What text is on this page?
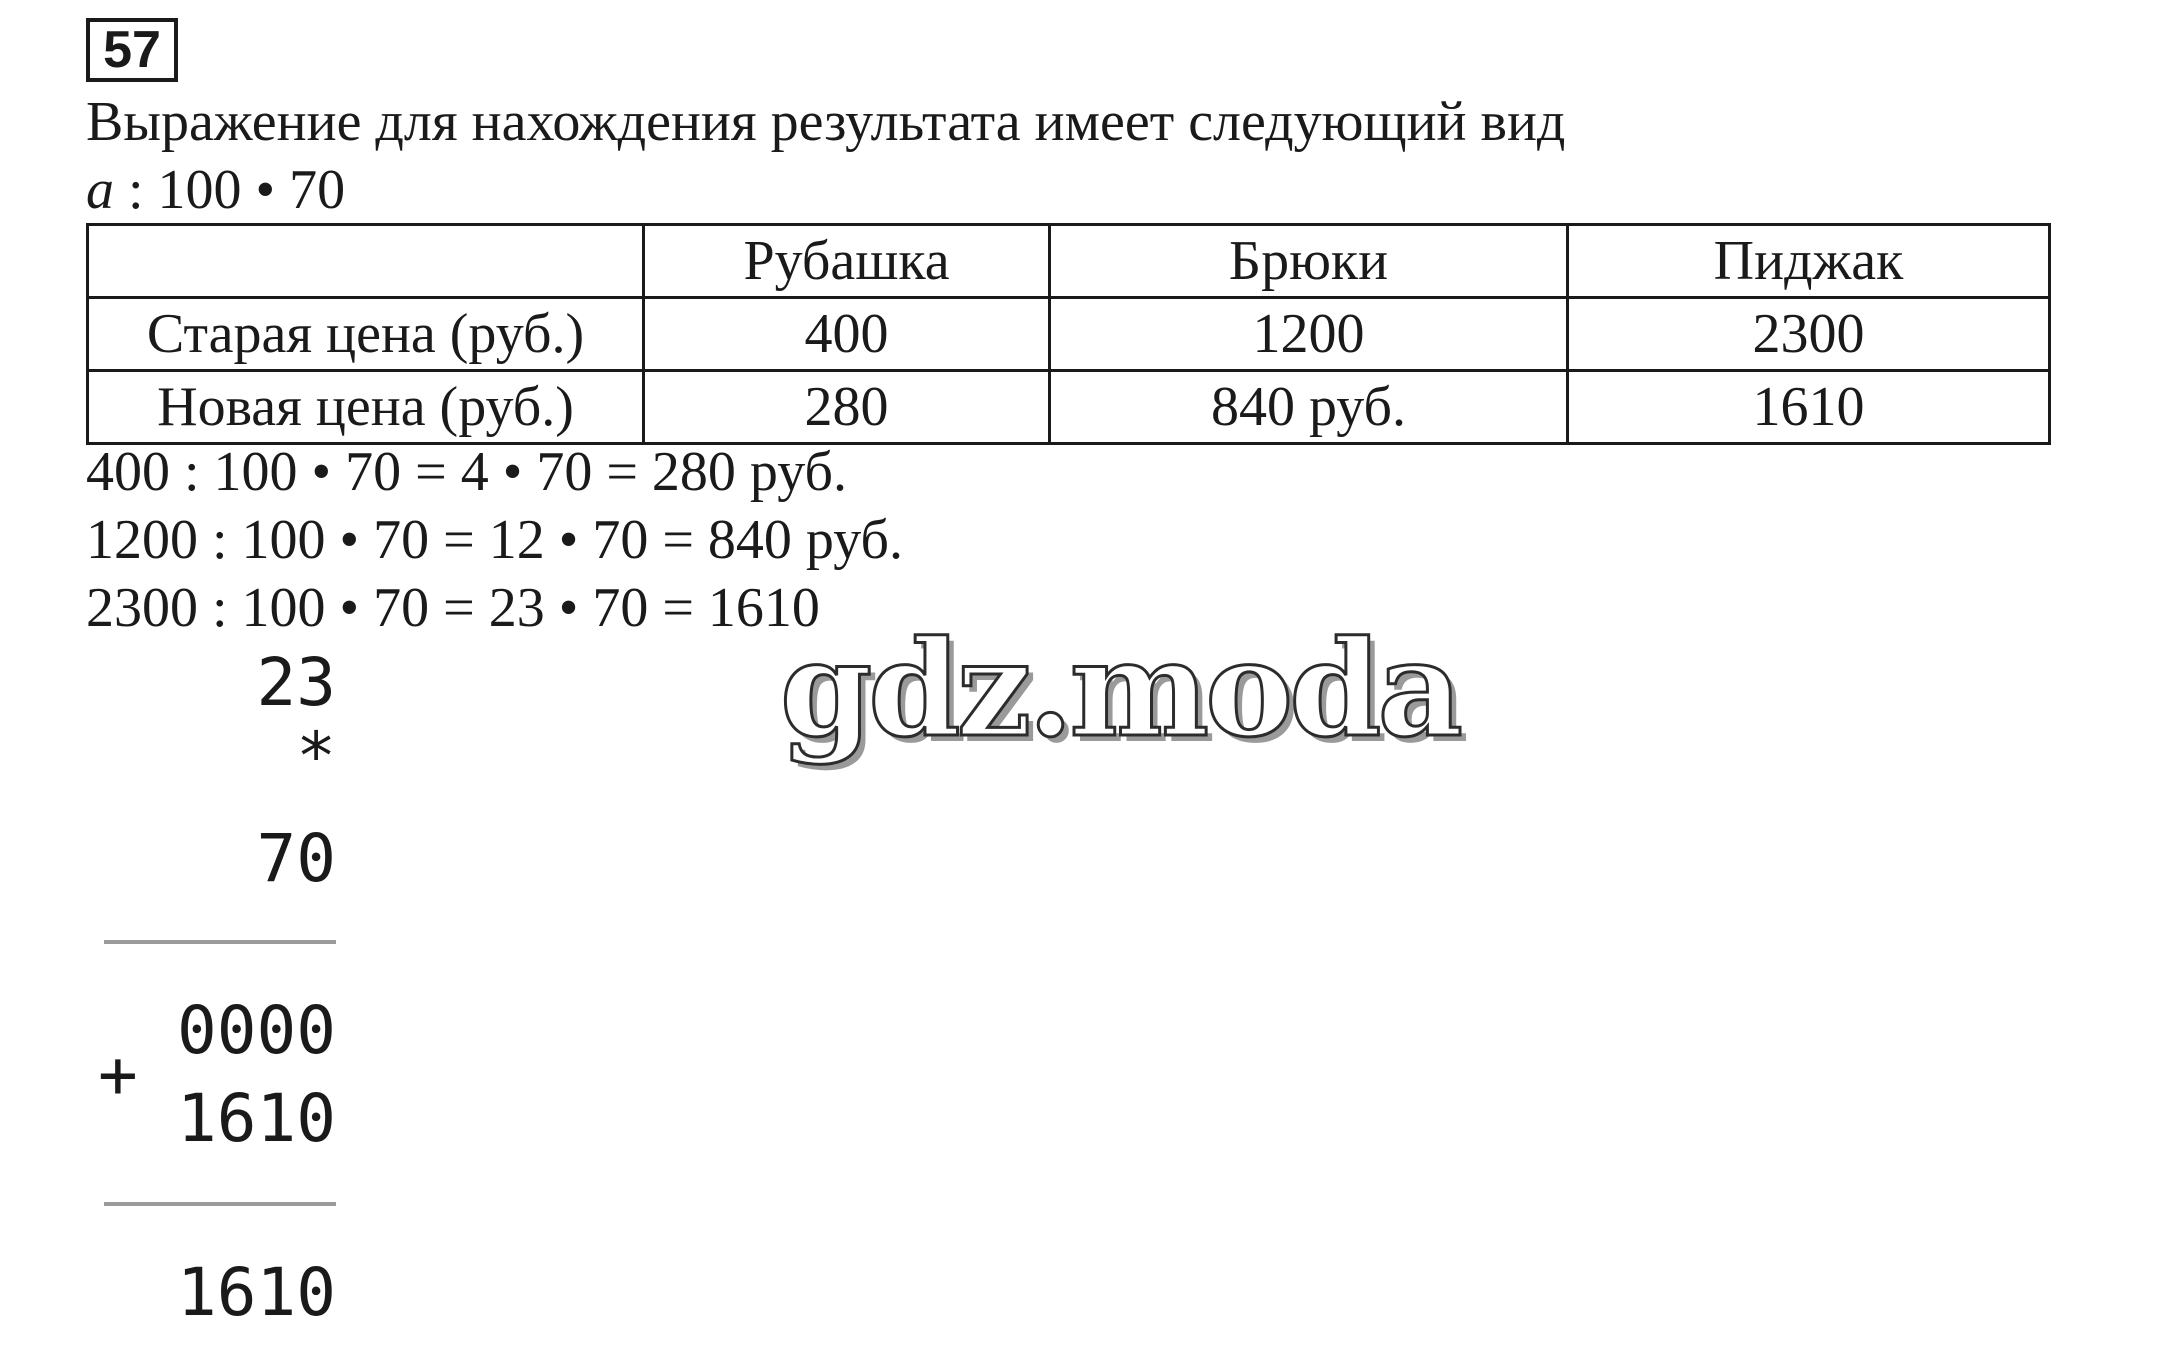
57
Выражение для нахождения результата имеет следующий вид
a : 100 • 70
	Рубашка	Брюки	Пиджак
Старая цена (руб.)	400	1200	2300
Новая цена (руб.)	280	840 руб.	1610
400 : 100 • 70 = 4 • 70 = 280 руб.
1200 : 100 • 70 = 12 • 70 = 840 руб.
2300 : 100 • 70 = 23 • 70 = 1610
gdz.moda
23
*
70
0000
+
1610
1610
